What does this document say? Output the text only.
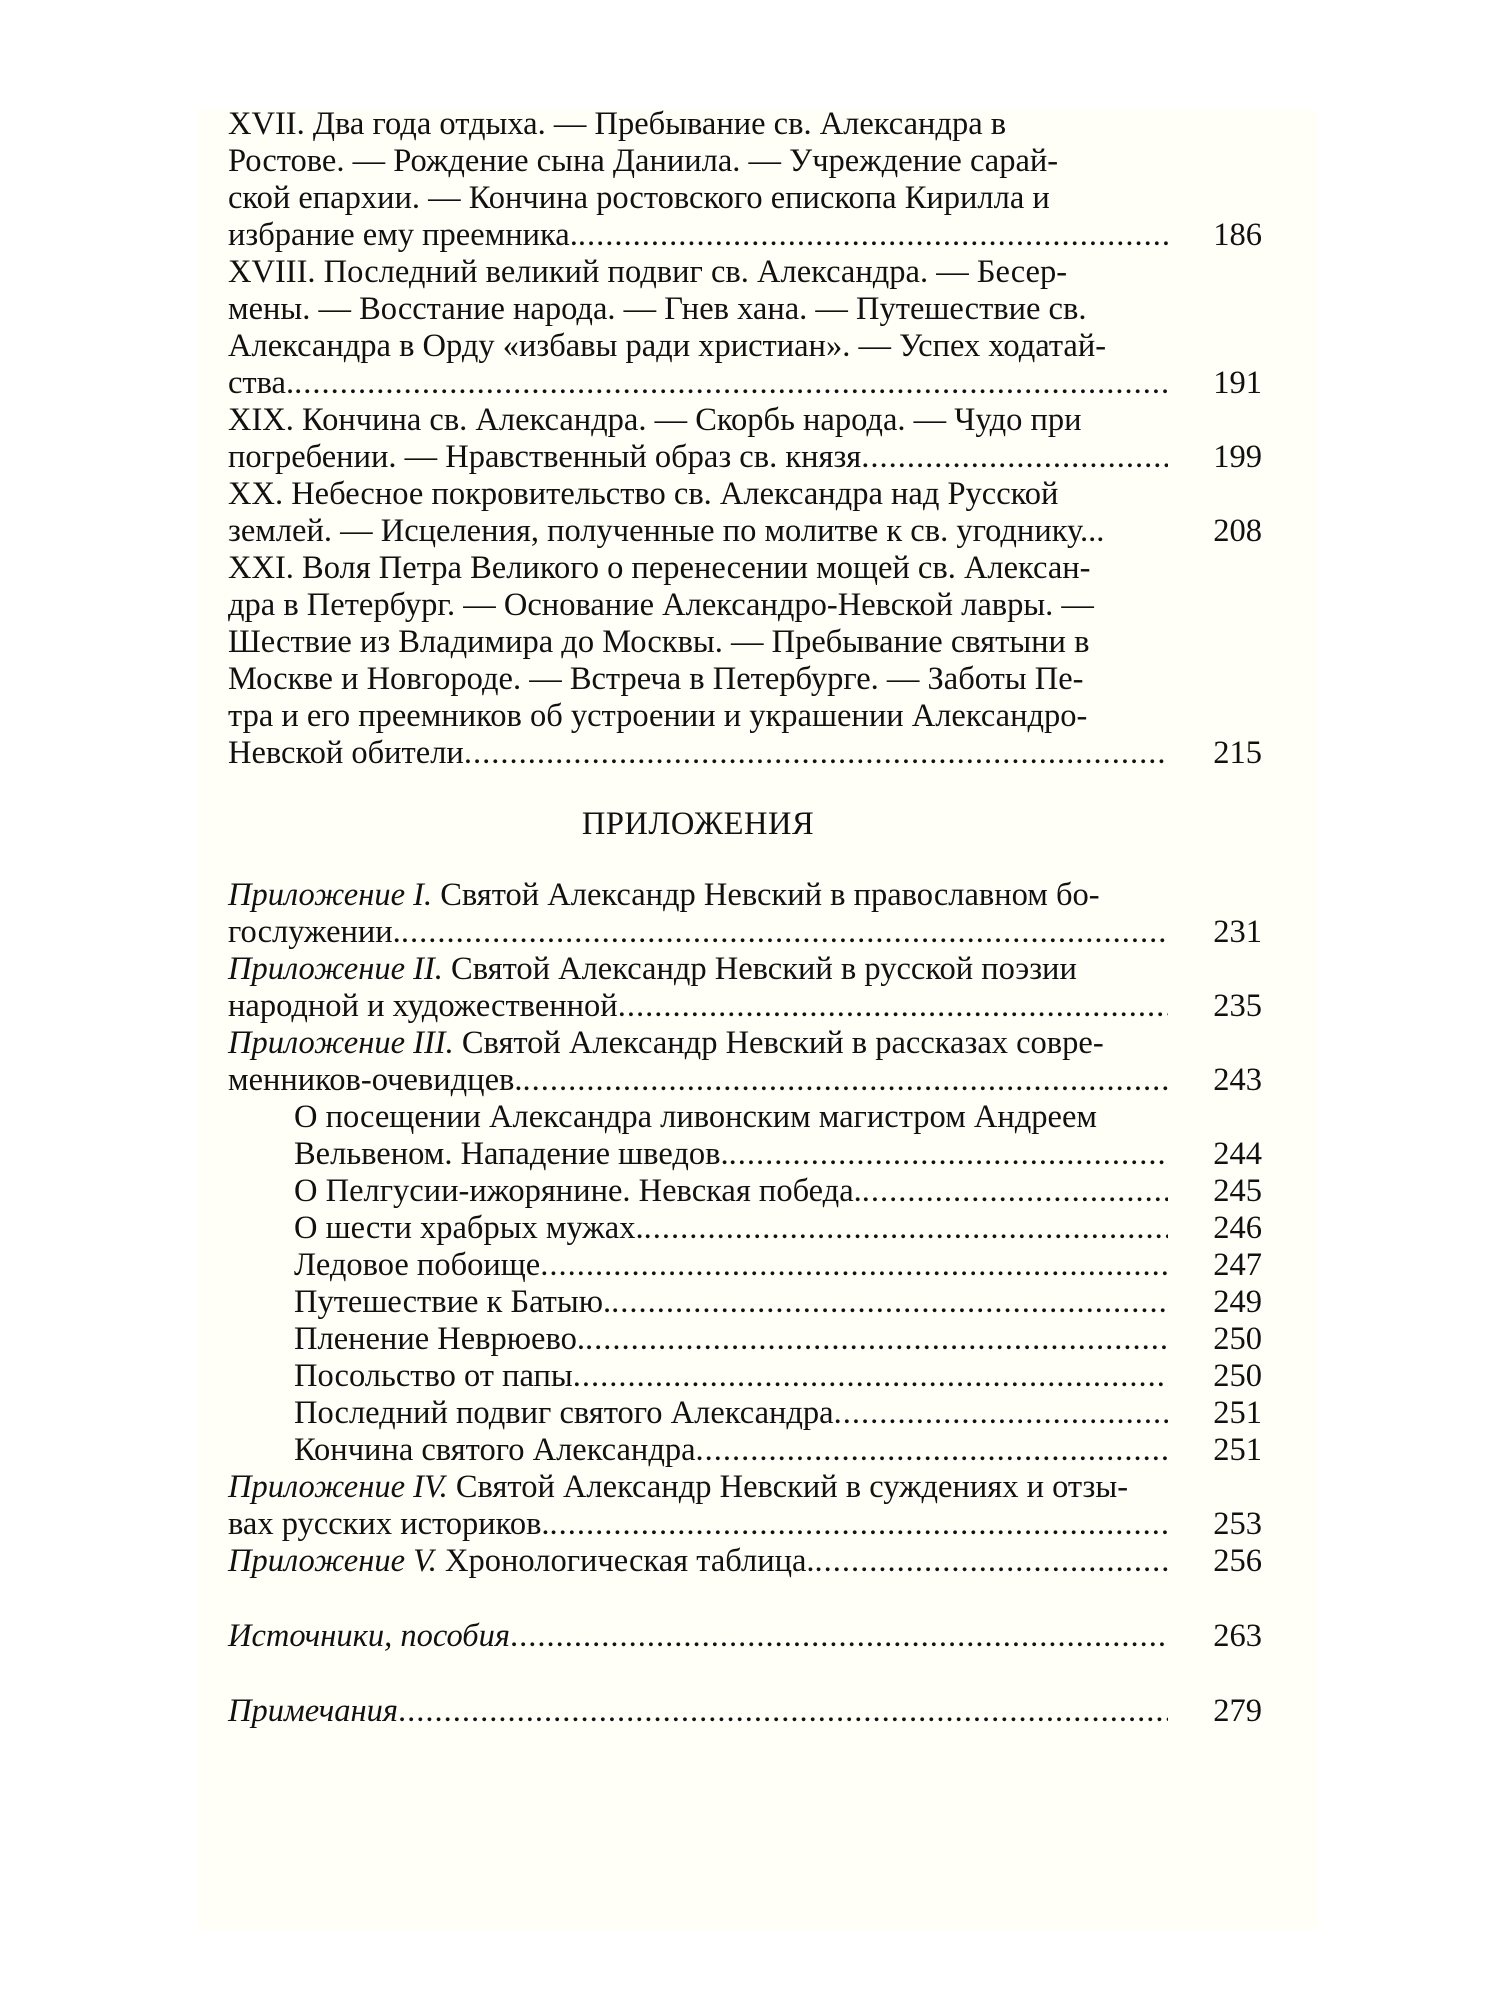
XVII. Два года отдыха. — Пребывание св. Александра в
Ростове. — Рождение сына Даниила. — Учреждение сарай-
ской епархии. — Кончина ростовского епископа Кирилла и
избрание ему преемника. .....	186
XVIII. Последний великий подвиг св. Александра. — Бесер-
мены. — Восстание народа. — Гнев хана. — Путешествие св.
Александра в Орду «избавы ради христиан». — Успех ходатай-
ства. .....	191
XIX. Кончина св. Александра. — Скорбь народа. — Чудо при
погребении. — Нравственный образ св. князя .....	199
XX. Небесное покровительство св. Александра над Русской
землей. — Исцеления, полученные по молитве к св. угоднику...	208
XXI. Воля Петра Великого о перенесении мощей св. Алексан-
дра в Петербург. — Основание Александро-Невской лавры. —
Шествие из Владимира до Москвы. — Пребывание святыни в
Москве и Новгороде. — Встреча в Петербурге. — Заботы Пе-
тра и его преемников об устроении и украшении Александро-
Невской обители .....	215
ПРИЛОЖЕНИЯ
Приложение I. Святой Александр Невский в православном бо-
гослужении. .....	231
Приложение II. Святой Александр Невский в русской поэзии
народной и художественной .....	235
Приложение III. Святой Александр Невский в рассказах совре-
менников-очевидцев. .....	243
О посещении Александра ливонским магистром Андреем
Вельвеном. Нападение шведов. .....	244
О Пелгусии-ижорянине. Невская победа. .....	245
О шести храбрых мужах. .....	246
Ледовое побоище .....	247
Путешествие к Батыю. .....	249
Пленение Неврюево. .....	250
Посольство от папы .....	250
Последний подвиг святого Александра .....	251
Кончина святого Александра .....	251
Приложение IV. Святой Александр Невский в суждениях и отзы-
вах русских историков. .....	253
Приложение V. Хронологическая таблица. .....	256
Источники, пособия .....	263
Примечания .....	279
